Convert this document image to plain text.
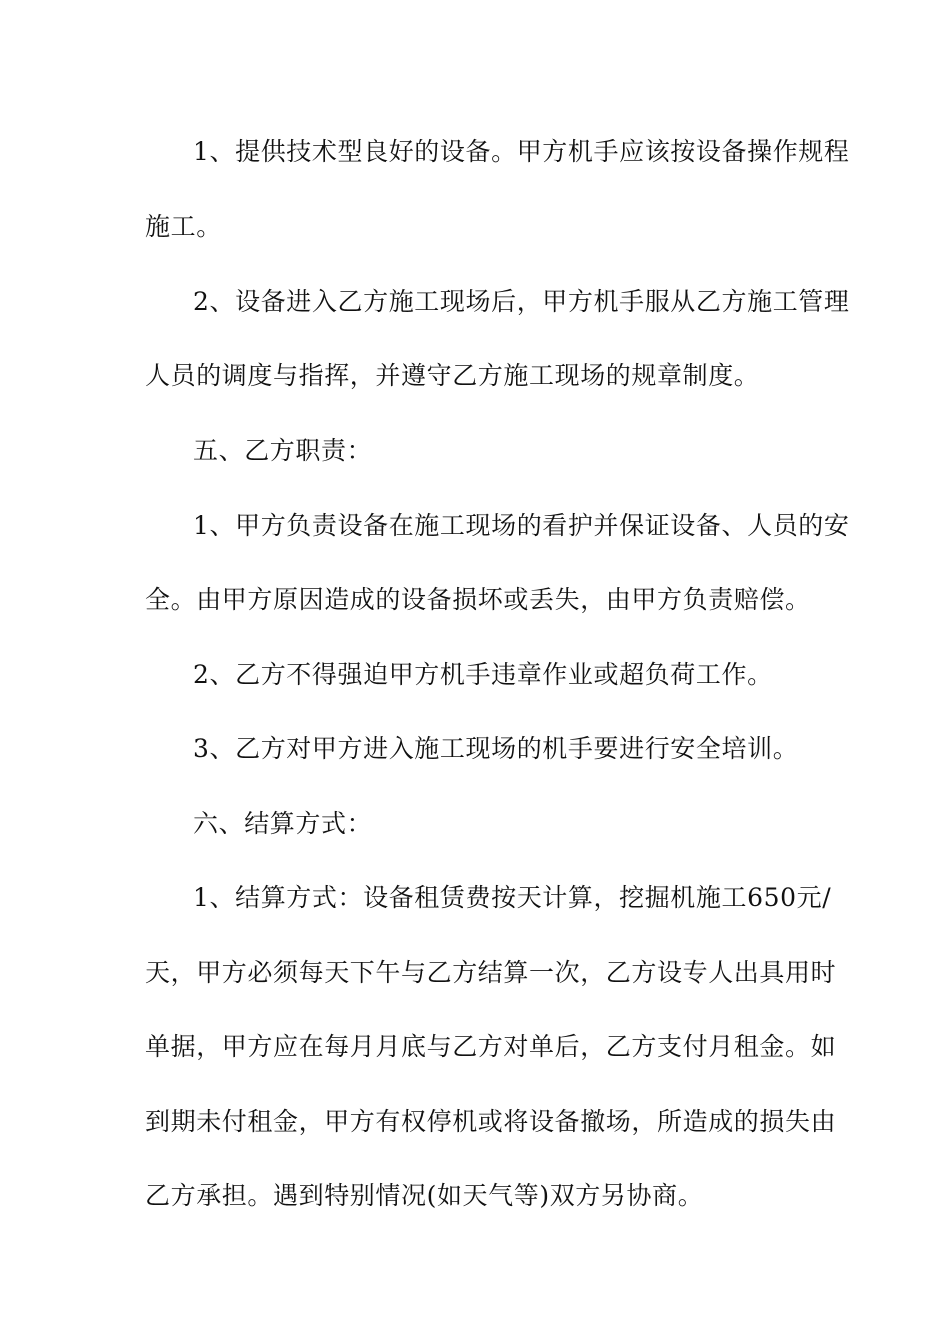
1、提供技术型良好的设备。甲方机手应该按设备操作规程
施工。
2、设备进入乙方施工现场后，甲方机手服从乙方施工管理
人员的调度与指挥，并遵守乙方施工现场的规章制度。
五、乙方职责：
1、甲方负责设备在施工现场的看护并保证设备、人员的安
全。由甲方原因造成的设备损坏或丢失，由甲方负责赔偿。
2、乙方不得强迫甲方机手违章作业或超负荷工作。
3、乙方对甲方进入施工现场的机手要进行安全培训。
六、结算方式：
1、结算方式：设备租赁费按天计算，挖掘机施工650元/
天，甲方必须每天下午与乙方结算一次，乙方设专人出具用时
单据，甲方应在每月月底与乙方对单后，乙方支付月租金。如
到期未付租金，甲方有权停机或将设备撤场，所造成的损失由
乙方承担。遇到特别情况(如天气等)双方另协商。
